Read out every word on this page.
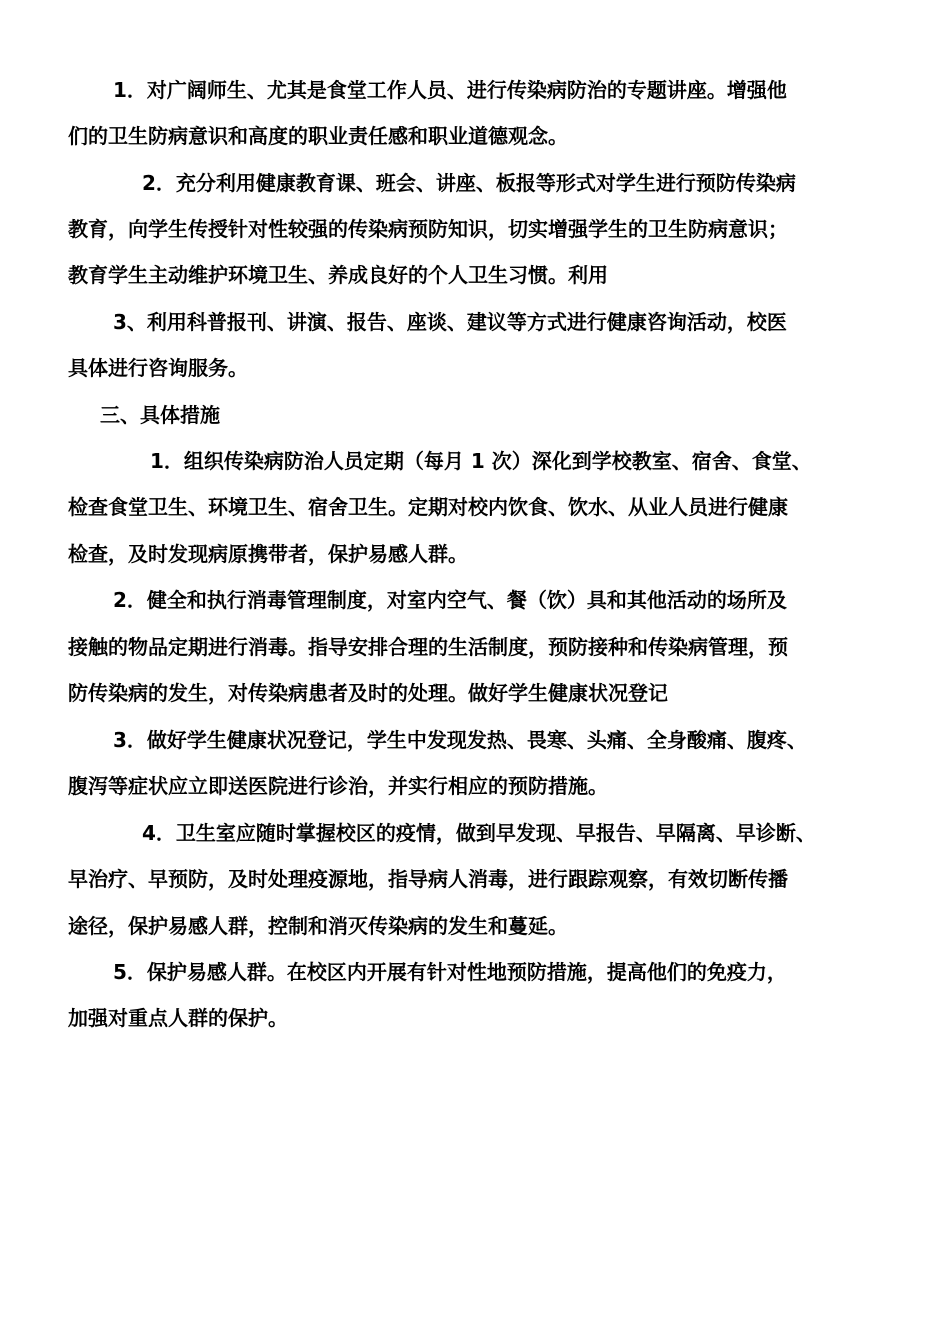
1．对广阔师生、尤其是食堂工作人员、进行传染病防治的专题讲座。增强他
们的卫生防病意识和高度的职业责任感和职业道德观念。
2．充分利用健康教育课、班会、讲座、板报等形式对学生进行预防传染病
教育，向学生传授针对性较强的传染病预防知识，切实增强学生的卫生防病意识；
教育学生主动维护环境卫生、养成良好的个人卫生习惯。利用
3、利用科普报刊、讲演、报告、座谈、建议等方式进行健康咨询活动，校医
具体进行咨询服务。
三、具体措施
1．组织传染病防治人员定期（每月 1 次）深化到学校教室、宿舍、食堂、
检查食堂卫生、环境卫生、宿舍卫生。定期对校内饮食、饮水、从业人员进行健康
检查，及时发现病原携带者，保护易感人群。
2．健全和执行消毒管理制度，对室内空气、餐（饮）具和其他活动的场所及
接触的物品定期进行消毒。指导安排合理的生活制度，预防接种和传染病管理，预
防传染病的发生，对传染病患者及时的处理。做好学生健康状况登记
3．做好学生健康状况登记，学生中发现发热、畏寒、头痛、全身酸痛、腹疼、
腹泻等症状应立即送医院进行诊治，并实行相应的预防措施。
4．卫生室应随时掌握校区的疫情，做到早发现、早报告、早隔离、早诊断、
早治疗、早预防，及时处理疫源地，指导病人消毒，进行跟踪观察，有效切断传播
途径，保护易感人群，控制和消灭传染病的发生和蔓延。
5．保护易感人群。在校区内开展有针对性地预防措施，提高他们的免疫力，
加强对重点人群的保护。
